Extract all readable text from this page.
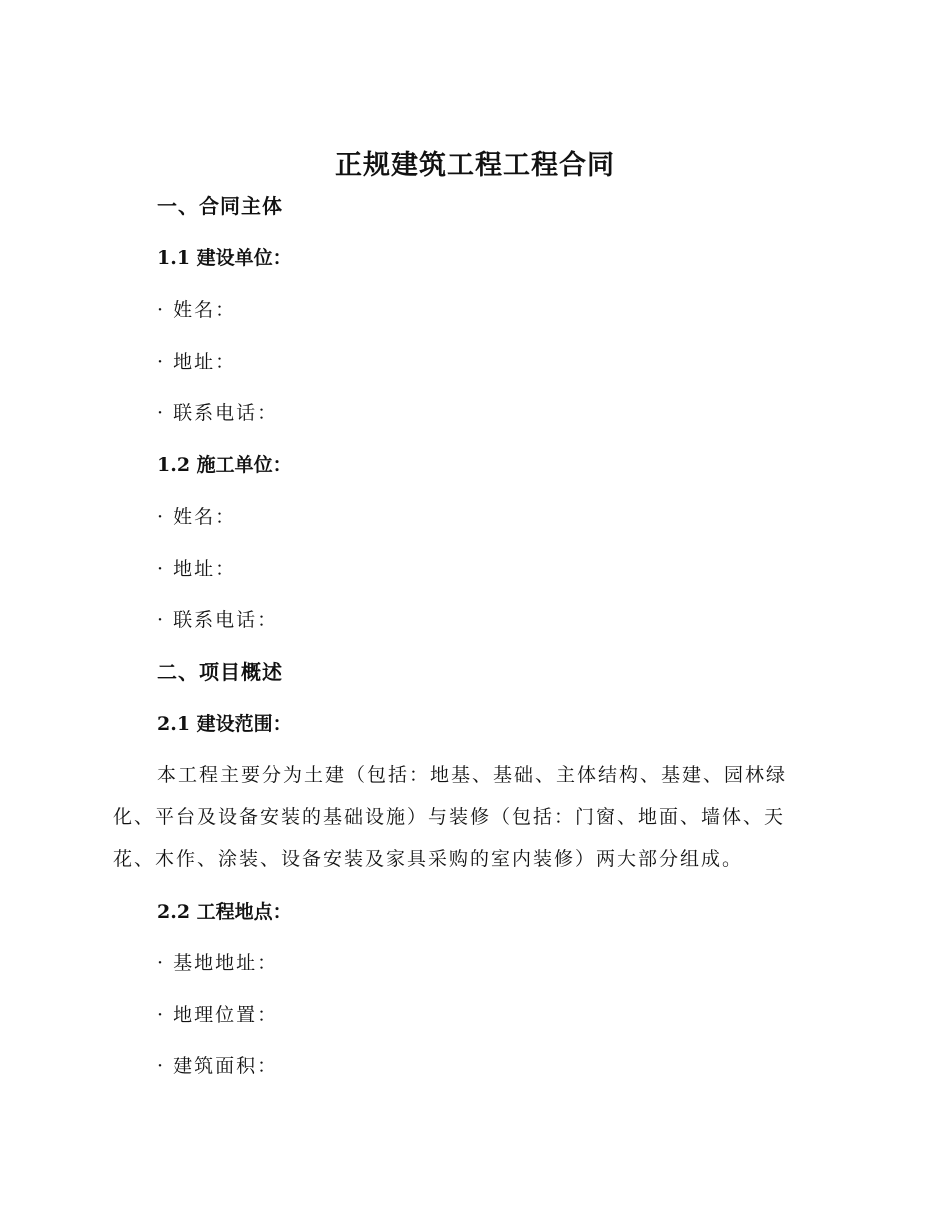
正规建筑工程工程合同
一、合同主体
1.1 建设单位：
· 姓名：
· 地址：
· 联系电话：
1.2 施工单位：
· 姓名：
· 地址：
· 联系电话：
二、项目概述
2.1 建设范围：
本工程主要分为土建（包括：地基、基础、主体结构、基建、园林绿
化、平台及设备安装的基础设施）与装修（包括：门窗、地面、墙体、天
花、木作、涂装、设备安装及家具采购的室内装修）两大部分组成。
2.2 工程地点：
· 基地地址：
· 地理位置：
· 建筑面积：
